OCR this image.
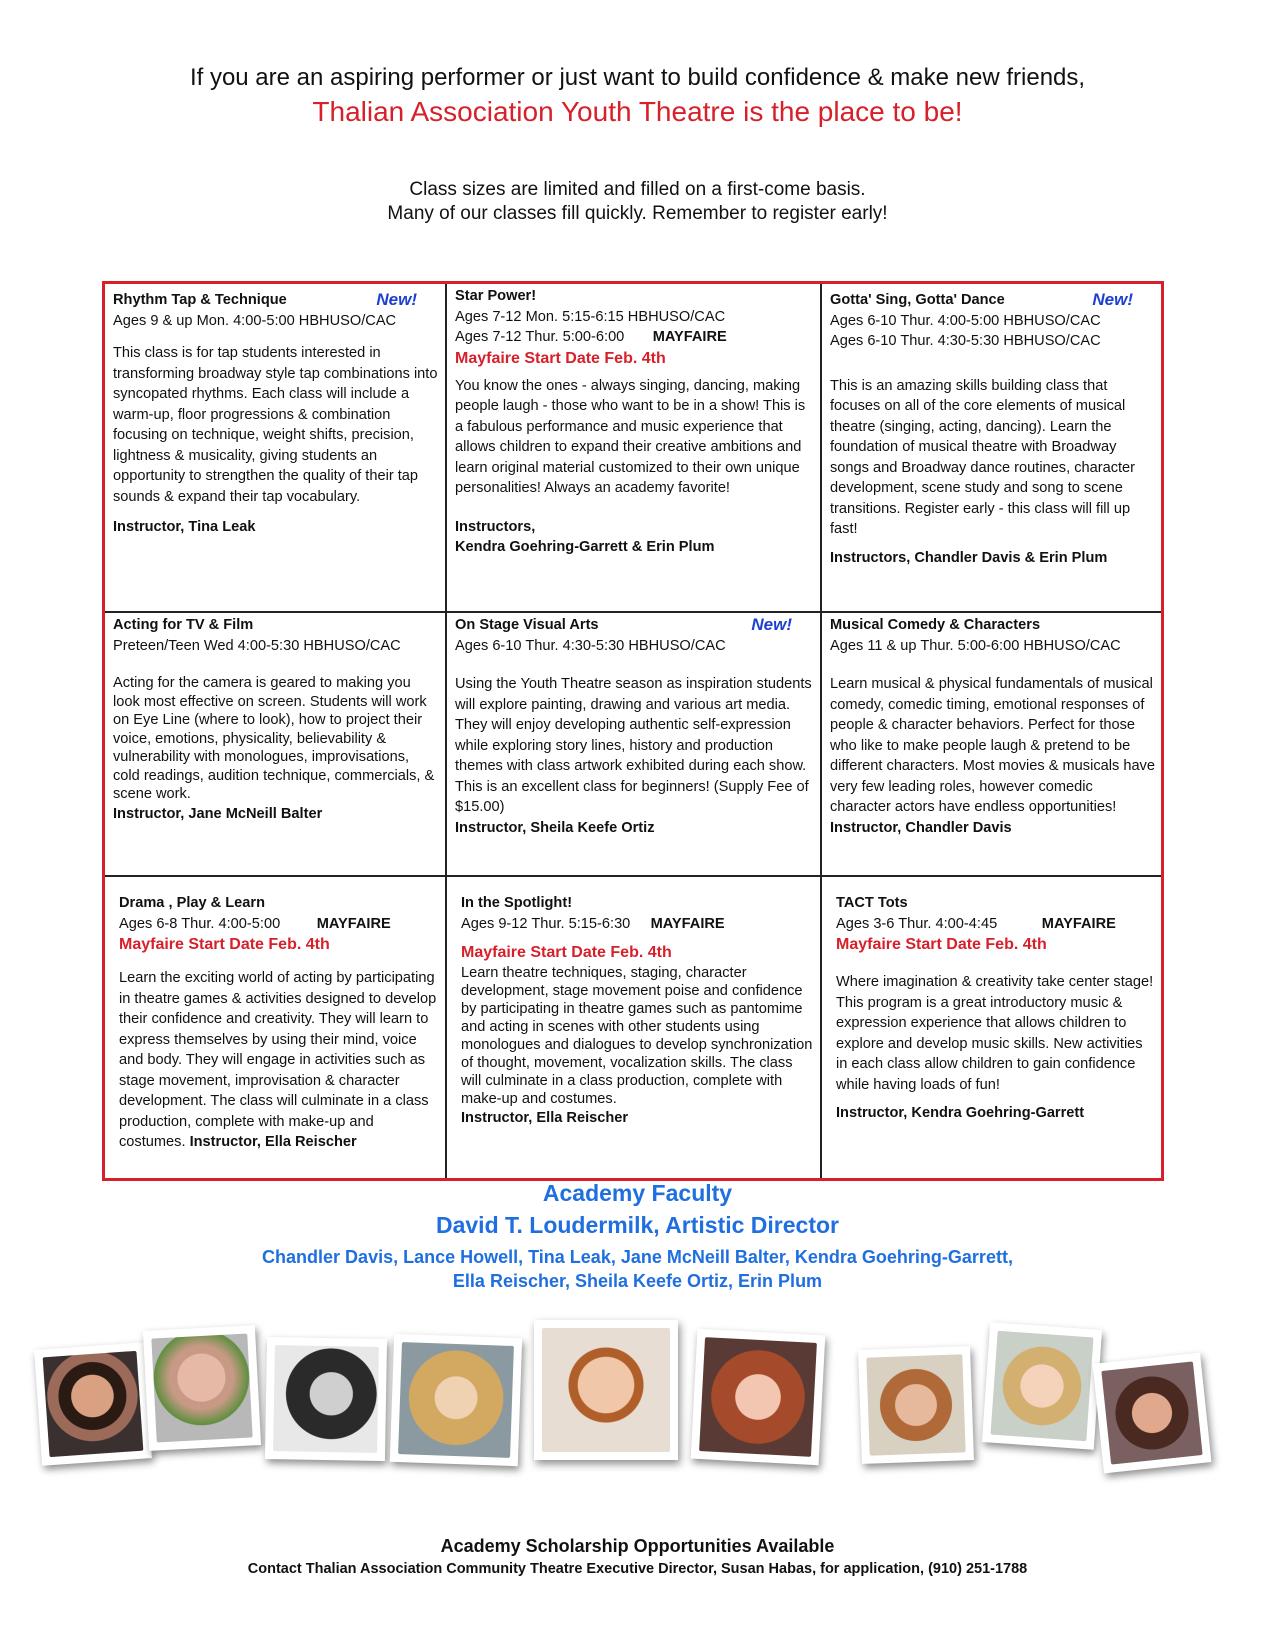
If you are an aspiring performer or just want to build confidence & make new friends,
Thalian Association Youth Theatre is the place to be!
Class sizes are limited and filled on a first-come basis.
Many of our classes fill quickly. Remember to register early!
Rhythm Tap & Technique	New!
Ages 9 & up Mon. 4:00-5:00 HBHUSO/CAC
This class is for tap students interested in transforming broadway style tap combinations into syncopated rhythms. Each class will include a warm-up, floor progressions & combination focusing on technique, weight shifts, precision, lightness & musicality, giving students an opportunity to strengthen the quality of their tap sounds & expand their tap vocabulary.
Instructor, Tina Leak
Star Power!
Ages 7-12 Mon. 5:15-6:15 HBHUSO/CAC
Ages 7-12 Thur. 5:00-6:00 MAYFAIRE
Mayfaire Start Date Feb. 4th
You know the ones - always singing, dancing, making people laugh - those who want to be in a show! This is a fabulous performance and music experience that allows children to expand their creative ambitions and learn original material customized to their own unique personalities! Always an academy favorite!
Instructors,
Kendra Goehring-Garrett & Erin Plum
Gotta' Sing, Gotta' Dance	New!
Ages 6-10 Thur. 4:00-5:00 HBHUSO/CAC
Ages 6-10 Thur. 4:30-5:30 HBHUSO/CAC
This is an amazing skills building class that focuses on all of the core elements of musical theatre (singing, acting, dancing). Learn the foundation of musical theatre with Broadway songs and Broadway dance routines, character development, scene study and song to scene transitions. Register early - this class will fill up fast!
Instructors, Chandler Davis & Erin Plum
Acting for TV & Film
Preteen/Teen Wed 4:00-5:30 HBHUSO/CAC
Acting for the camera is geared to making you look most effective on screen. Students will work on Eye Line (where to look), how to project their voice, emotions, physicality, believability & vulnerability with monologues, improvisations, cold readings, audition technique, commercials, & scene work.
Instructor, Jane McNeill Balter
On Stage Visual Arts	New!
Ages 6-10 Thur. 4:30-5:30 HBHUSO/CAC
Using the Youth Theatre season as inspiration students will explore painting, drawing and various art media. They will enjoy developing authentic self-expression while exploring story lines, history and production themes with class artwork exhibited during each show. This is an excellent class for beginners! (Supply Fee of $15.00)
Instructor, Sheila Keefe Ortiz
Musical Comedy & Characters
Ages 11 & up Thur. 5:00-6:00 HBHUSO/CAC
Learn musical & physical fundamentals of musical comedy, comedic timing, emotional responses of people & character behaviors. Perfect for those who like to make people laugh & pretend to be different characters. Most movies & musicals have very few leading roles, however comedic character actors have endless opportunities!
Instructor, Chandler Davis
Drama , Play & Learn
Ages 6-8 Thur. 4:00-5:00	MAYFAIRE
Mayfaire Start Date Feb. 4th
Learn the exciting world of acting by participating in theatre games & activities designed to develop their confidence and creativity. They will learn to express themselves by using their mind, voice and body. They will engage in activities such as stage movement, improvisation & character development. The class will culminate in a class production, complete with make-up and costumes. Instructor, Ella Reischer
In the Spotlight!
Ages 9-12 Thur. 5:15-6:30 MAYFAIRE
Mayfaire Start Date Feb. 4th
Learn theatre techniques, staging, character development, stage movement poise and confidence by participating in theatre games such as pantomime and acting in scenes with other students using monologues and dialogues to develop synchronization of thought, movement, vocalization skills. The class will culminate in a class production, complete with make-up and costumes.
Instructor, Ella Reischer
TACT Tots
Ages 3-6 Thur. 4:00-4:45	MAYFAIRE
Mayfaire Start Date Feb. 4th
Where imagination & creativity take center stage! This program is a great introductory music & expression experience that allows children to explore and develop music skills. New activities in each class allow children to gain confidence while having loads of fun!
Instructor, Kendra Goehring-Garrett
Academy Faculty
David T. Loudermilk, Artistic Director
Chandler Davis, Lance Howell, Tina Leak, Jane McNeill Balter, Kendra Goehring-Garrett,
Ella Reischer, Sheila Keefe Ortiz, Erin Plum
Academy Scholarship Opportunities Available
Contact Thalian Association Community Theatre Executive Director, Susan Habas, for application, (910) 251-1788
